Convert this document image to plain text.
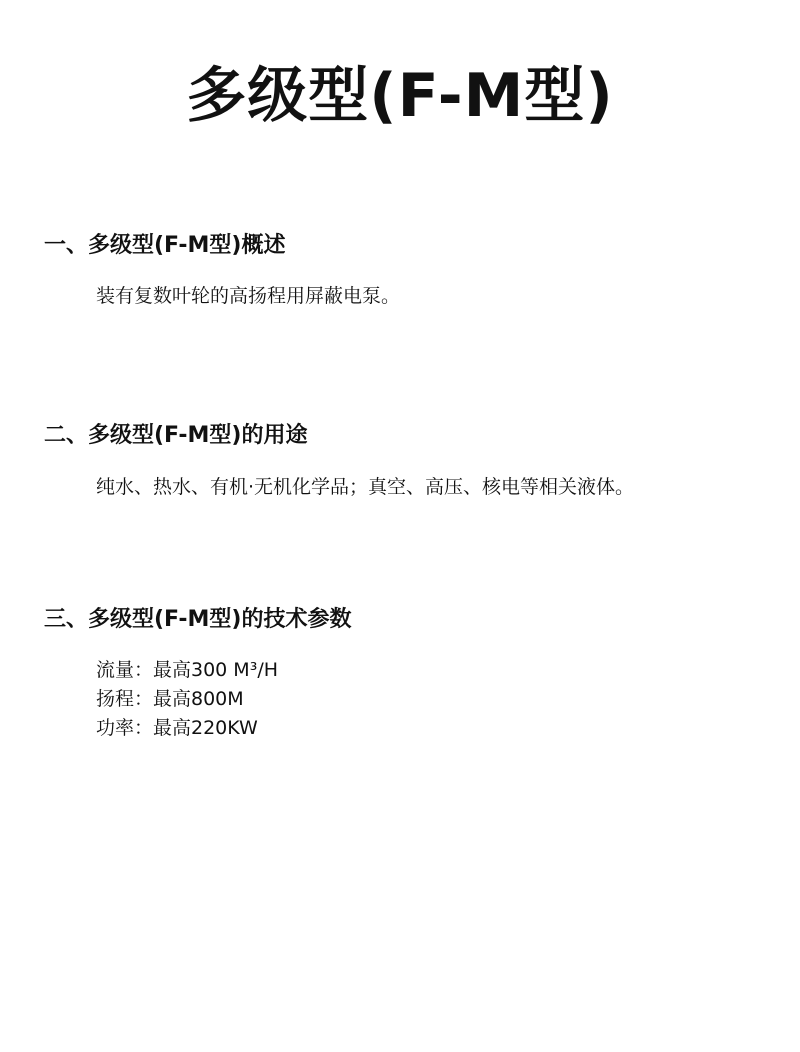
多级型(F-M型)
一、多级型(F-M型)概述

装有复数叶轮的高扬程用屏蔽电泵。

二、多级型(F-M型)的用途

纯水、热水、有机·无机化学品；真空、高压、核电等相关液体。

三、多级型(F-M型)的技术参数
流量：最高300 M³/H
扬程：最高800M
功率：最高220KW
